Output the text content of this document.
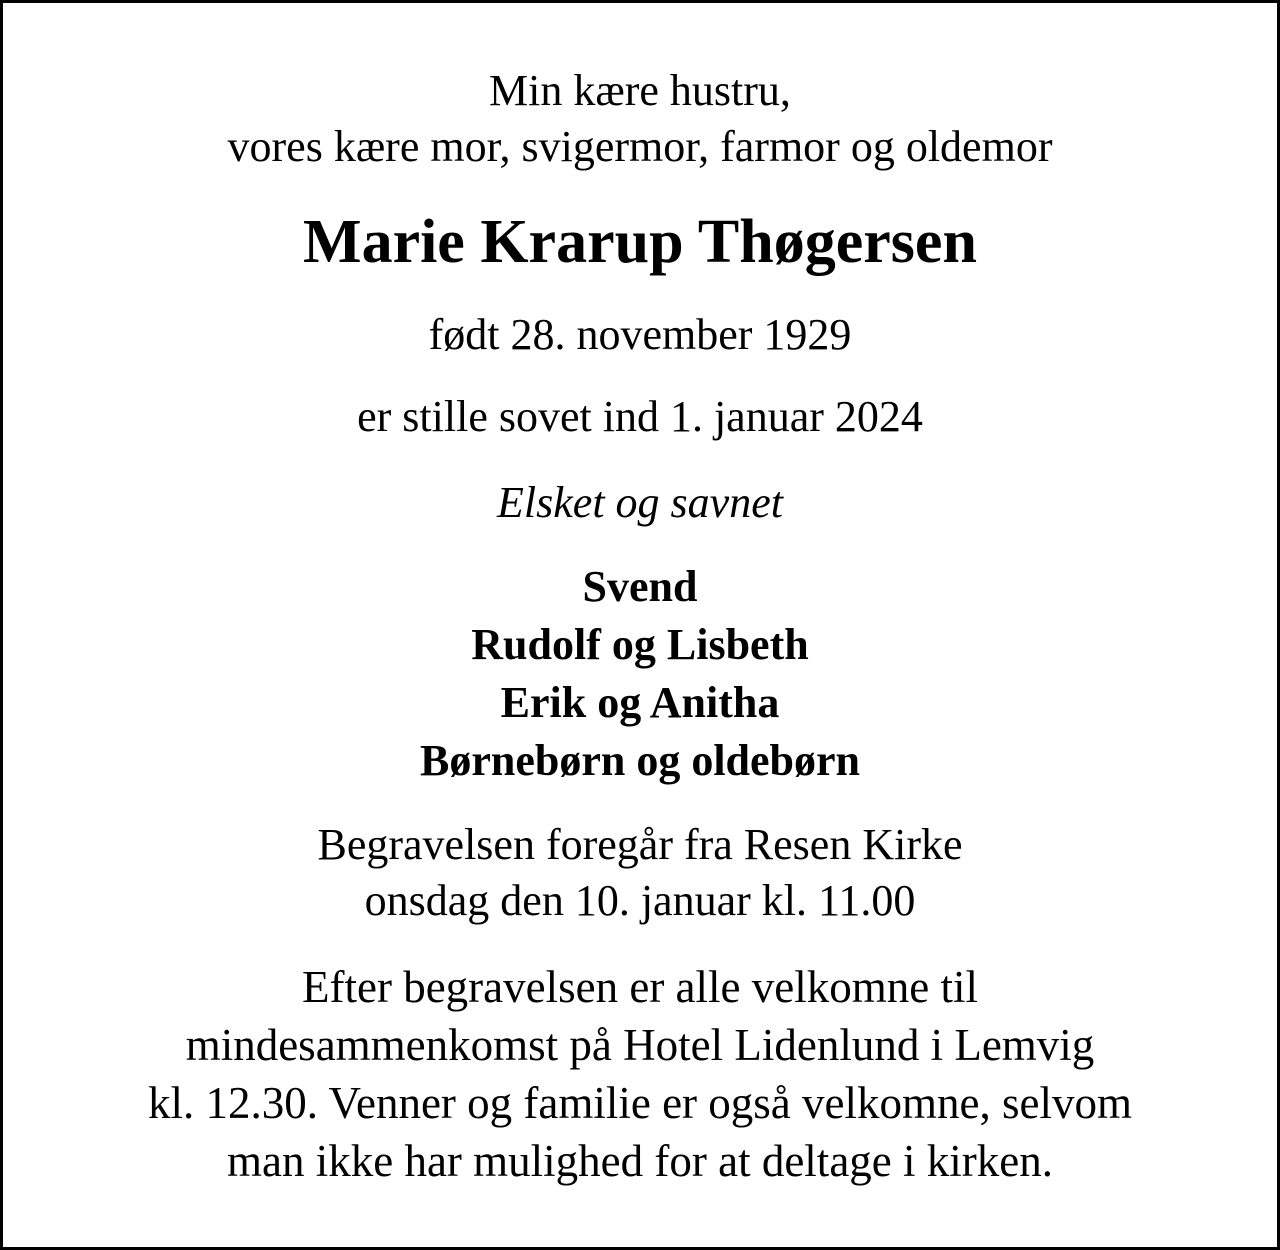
Min kære hustru,
vores kære mor, svigermor, farmor og oldemor
Marie Krarup Thøgersen
født 28. november 1929
er stille sovet ind 1. januar 2024
Elsket og savnet
Svend
Rudolf og Lisbeth
Erik og Anitha
Børnebørn og oldebørn
Begravelsen foregår fra Resen Kirke
onsdag den 10. januar kl. 11.00
Efter begravelsen er alle velkomne til
mindesammenkomst på Hotel Lidenlund i Lemvig
kl. 12.30. Venner og familie er også velkomne, selvom
man ikke har mulighed for at deltage i kirken.
